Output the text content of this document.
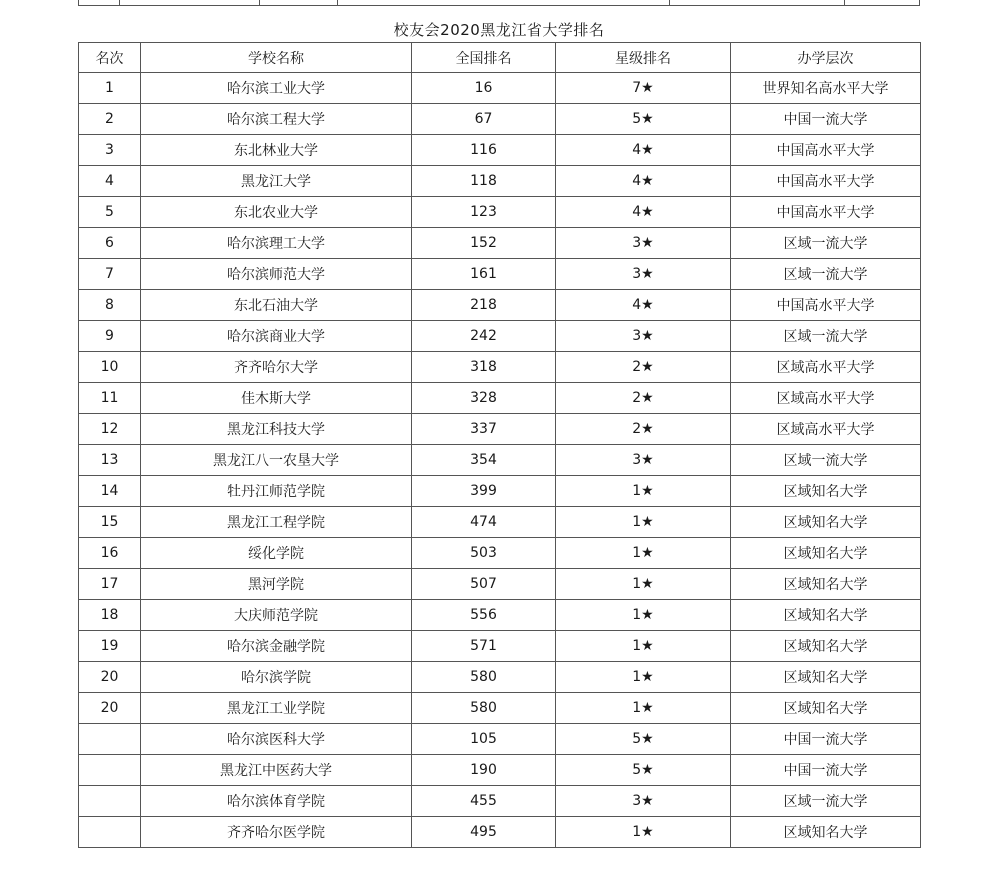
校友会2020黑龙江省大学排名
名次	学校名称	全国排名	星级排名	办学层次
1	哈尔滨工业大学	16	7★	世界知名高水平大学
2	哈尔滨工程大学	67	5★	中国一流大学
3	东北林业大学	116	4★	中国高水平大学
4	黑龙江大学	118	4★	中国高水平大学
5	东北农业大学	123	4★	中国高水平大学
6	哈尔滨理工大学	152	3★	区域一流大学
7	哈尔滨师范大学	161	3★	区域一流大学
8	东北石油大学	218	4★	中国高水平大学
9	哈尔滨商业大学	242	3★	区域一流大学
10	齐齐哈尔大学	318	2★	区域高水平大学
11	佳木斯大学	328	2★	区域高水平大学
12	黑龙江科技大学	337	2★	区域高水平大学
13	黑龙江八一农垦大学	354	3★	区域一流大学
14	牡丹江师范学院	399	1★	区域知名大学
15	黑龙江工程学院	474	1★	区域知名大学
16	绥化学院	503	1★	区域知名大学
17	黑河学院	507	1★	区域知名大学
18	大庆师范学院	556	1★	区域知名大学
19	哈尔滨金融学院	571	1★	区域知名大学
20	哈尔滨学院	580	1★	区域知名大学
20	黑龙江工业学院	580	1★	区域知名大学
	哈尔滨医科大学	105	5★	中国一流大学
	黑龙江中医药大学	190	5★	中国一流大学
	哈尔滨体育学院	455	3★	区域一流大学
	齐齐哈尔医学院	495	1★	区域知名大学
